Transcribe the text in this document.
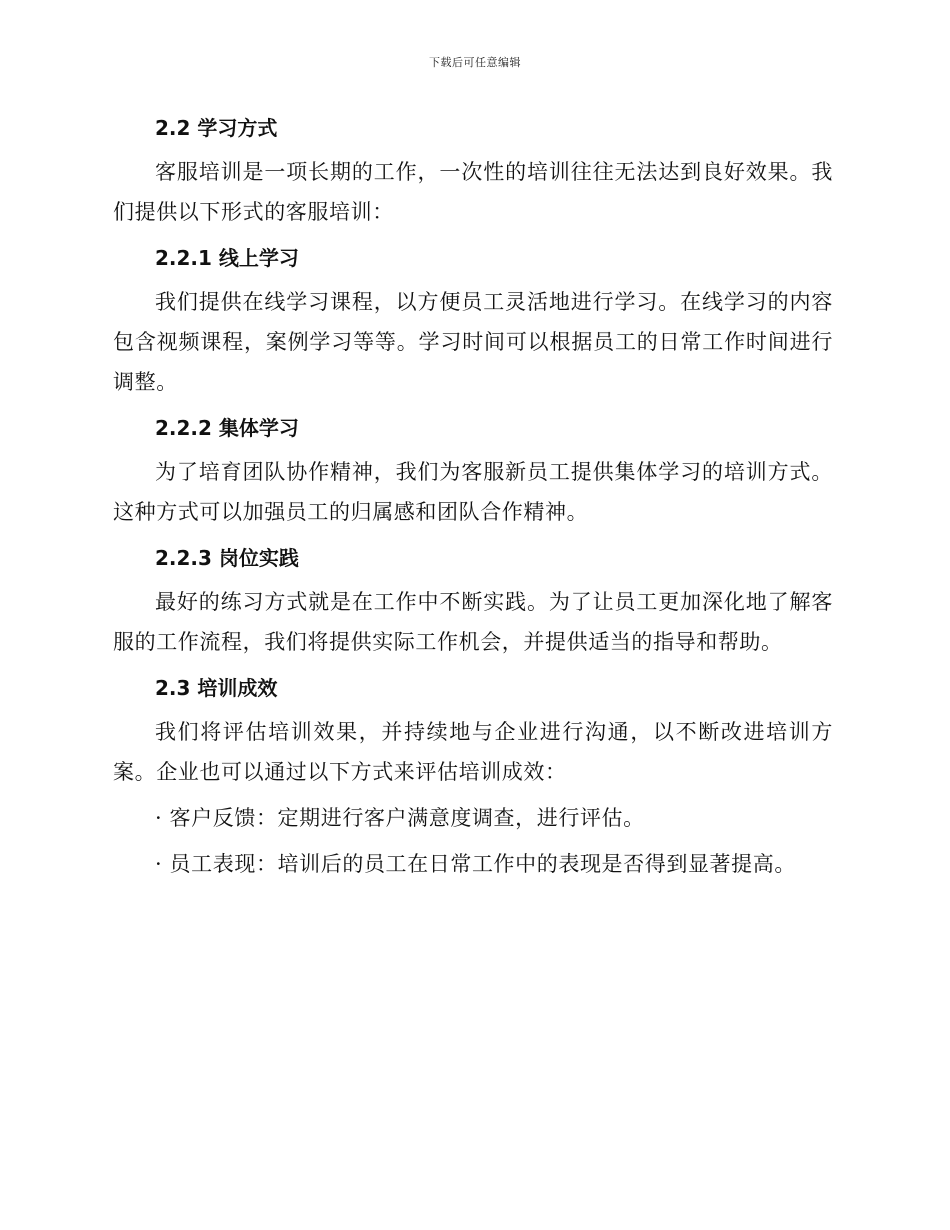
下载后可任意编辑
2.2 学习方式

客服培训是一项长期的工作，一次性的培训往往无法达到良好效果。我们提供以下形式的客服培训：

2.2.1 线上学习

我们提供在线学习课程，以方便员工灵活地进行学习。在线学习的内容包含视频课程，案例学习等等。学习时间可以根据员工的日常工作时间进行调整。

2.2.2 集体学习

为了培育团队协作精神，我们为客服新员工提供集体学习的培训方式。这种方式可以加强员工的归属感和团队合作精神。

2.2.3 岗位实践

最好的练习方式就是在工作中不断实践。为了让员工更加深化地了解客服的工作流程，我们将提供实际工作机会，并提供适当的指导和帮助。

2.3 培训成效

我们将评估培训效果，并持续地与企业进行沟通，以不断改进培训方案。企业也可以通过以下方式来评估培训成效：

· 客户反馈：定期进行客户满意度调查，进行评估。

· 员工表现：培训后的员工在日常工作中的表现是否得到显著提高。
